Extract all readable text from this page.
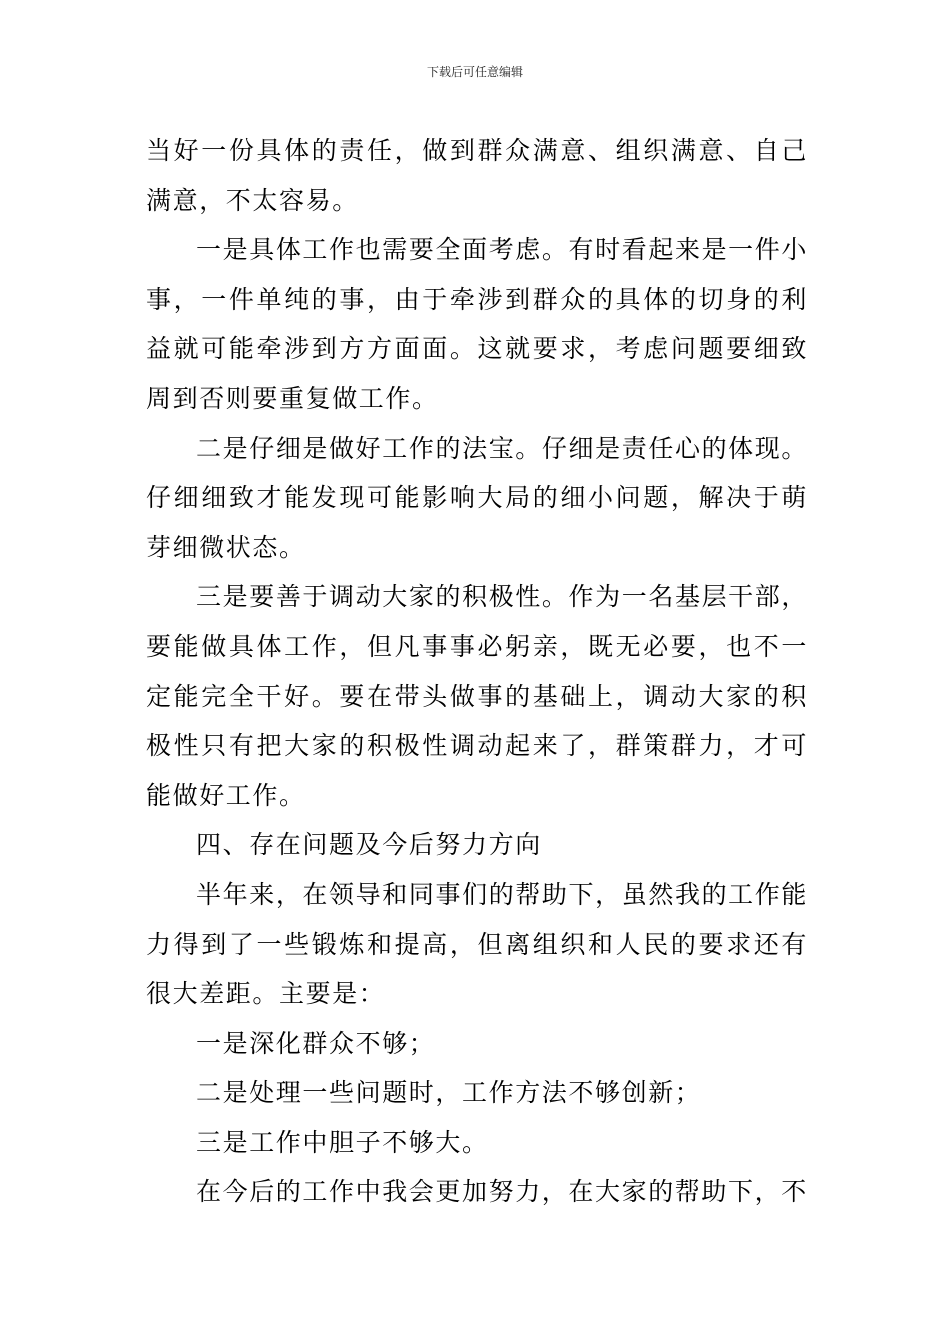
下载后可任意编辑

当好一份具体的责任，做到群众满意、组织满意、自己满意，不太容易。

一是具体工作也需要全面考虑。有时看起来是一件小事，一件单纯的事，由于牵涉到群众的具体的切身的利益就可能牵涉到方方面面。这就要求，考虑问题要细致周到否则要重复做工作。

二是仔细是做好工作的法宝。仔细是责任心的体现。仔细细致才能发现可能影响大局的细小问题，解决于萌芽细微状态。

三是要善于调动大家的积极性。作为一名基层干部，要能做具体工作，但凡事事必躬亲，既无必要，也不一定能完全干好。要在带头做事的基础上，调动大家的积极性只有把大家的积极性调动起来了，群策群力，才可能做好工作。

四、存在问题及今后努力方向

半年来，在领导和同事们的帮助下，虽然我的工作能力得到了一些锻炼和提高，但离组织和人民的要求还有很大差距。主要是：

一是深化群众不够；

二是处理一些问题时，工作方法不够创新；

三是工作中胆子不够大。

在今后的工作中我会更加努力，在大家的帮助下，不
